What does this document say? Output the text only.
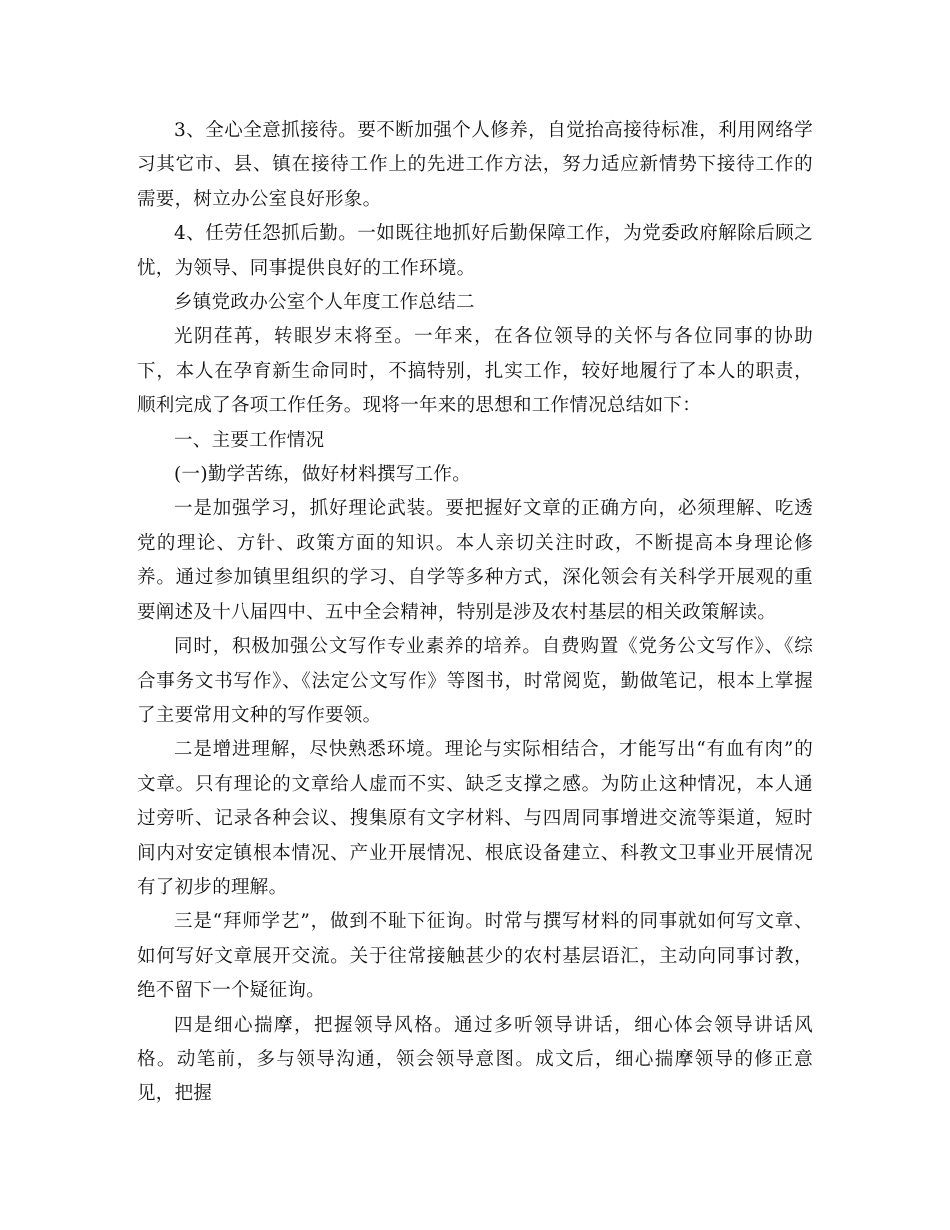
3、全心全意抓接待。要不断加强个人修养，自觉抬高接待标准，利用网络学习其它市、县、镇在接待工作上的先进工作方法，努力适应新情势下接待工作的需要，树立办公室良好形象。

4、任劳任怨抓后勤。一如既往地抓好后勤保障工作，为党委政府解除后顾之忧，为领导、同事提供良好的工作环境。

乡镇党政办公室个人年度工作总结二

光阴荏苒，转眼岁末将至。一年来，在各位领导的关怀与各位同事的协助下，本人在孕育新生命同时，不搞特别，扎实工作，较好地履行了本人的职责，顺利完成了各项工作任务。现将一年来的思想和工作情况总结如下：

一、主要工作情况

(一)勤学苦练，做好材料撰写工作。

一是加强学习，抓好理论武装。要把握好文章的正确方向，必须理解、吃透党的理论、方针、政策方面的知识。本人亲切关注时政，不断提高本身理论修养。通过参加镇里组织的学习、自学等多种方式，深化领会有关科学开展观的重要阐述及十八届四中、五中全会精神，特别是涉及农村基层的相关政策解读。

同时，积极加强公文写作专业素养的培养。自费购置《党务公文写作》、《综合事务文书写作》、《法定公文写作》等图书，时常阅览，勤做笔记，根本上掌握了主要常用文种的写作要领。

二是增进理解，尽快熟悉环境。理论与实际相结合，才能写出“有血有肉”的文章。只有理论的文章给人虚而不实、缺乏支撑之感。为防止这种情况，本人通过旁听、记录各种会议、搜集原有文字材料、与四周同事增进交流等渠道，短时间内对安定镇根本情况、产业开展情况、根底设备建立、科教文卫事业开展情况有了初步的理解。

三是“拜师学艺”，做到不耻下征询。时常与撰写材料的同事就如何写文章、如何写好文章展开交流。关于往常接触甚少的农村基层语汇，主动向同事讨教，绝不留下一个疑征询。

四是细心揣摩，把握领导风格。通过多听领导讲话，细心体会领导讲话风格。动笔前，多与领导沟通，领会领导意图。成文后，细心揣摩领导的修正意见，把握
